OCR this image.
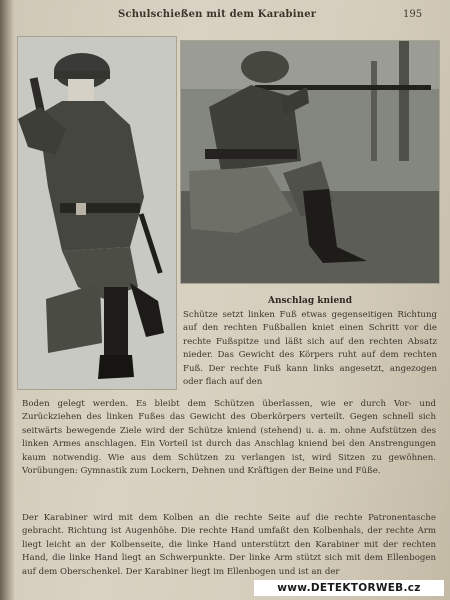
Schulschießen mit dem Karabiner	195
Anschlag kniend

Schütze setzt linken Fuß etwas gegenseitigen Richtung auf den rechten Fußballen kniet einen Schritt vor die rechte Fußspitze und läßt sich auf den rechten Absatz nieder. Das Gewicht des Körpers ruht auf dem rechten Fuß. Der rechte Fuß kann links angesetzt, angezogen oder flach auf den

Boden gelegt werden. Es bleibt dem Schützen überlassen, wie er durch Vor- und Zurückziehen des linken Fußes das Gewicht des Oberkörpers verteilt. Gegen schnell sich seitwärts bewegende Ziele wird der Schütze kniend (stehend) u. a. m. ohne Aufstützen des linken Armes anschlagen. Ein Vorteil ist durch das Anschlag kniend bei den Anstrengungen kaum notwendig. Wie aus dem Schützen zu verlangen ist, wird Sitzen zu gewöhnen. Vorübungen: Gymnastik zum Lockern, Dehnen und Kräftigen der Beine und Füße.

Der Karabiner wird mit dem Kolben an die rechte Seite auf die rechte Patronentasche gebracht. Richtung ist Augenhöhe. Die rechte Hand umfaßt den Kolbenhals, der rechte Arm liegt leicht an der Kolbenseite, die linke Hand unterstützt den Karabiner mit der rechten Hand, die linke Hand liegt an Schwerpunkte. Der linke Arm stützt sich mit dem Ellenbogen auf dem Oberschenkel. Der Karabiner liegt im Ellenbogen und ist an der

www.DETEKTORWEB.cz
